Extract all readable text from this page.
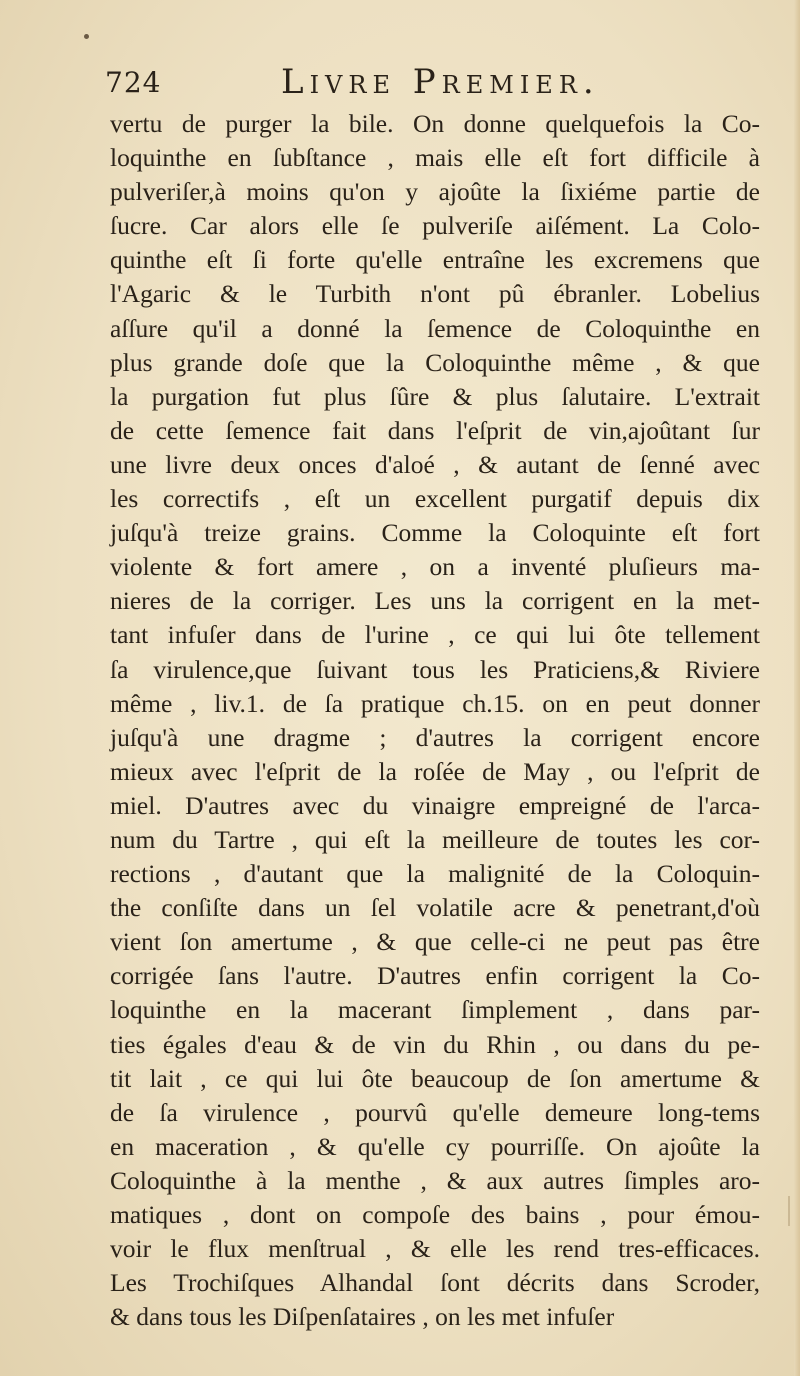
724	Livre Premier.
vertu de purger la bile. On donne quelquefois la Co-
loquinthe en ſubſtance , mais elle eſt fort difficile à
pulveriſer,à moins qu'on y ajoûte la ſixiéme partie de
ſucre. Car alors elle ſe pulveriſe aiſément. La Colo-
quinthe eſt ſi forte qu'elle entraîne les excremens que
l'Agaric & le Turbith n'ont pû ébranler. Lobelius
aſſure qu'il a donné la ſemence de Coloquinthe en
plus grande doſe que la Coloquinthe même , & que
la purgation fut plus ſûre & plus ſalutaire. L'extrait
de cette ſemence fait dans l'eſprit de vin,ajoûtant ſur
une livre deux onces d'aloé , & autant de ſenné avec
les correctifs , eſt un excellent purgatif depuis dix
juſqu'à treize grains. Comme la Coloquinte eſt fort
violente & fort amere , on a inventé pluſieurs ma-
nieres de la corriger. Les uns la corrigent en la met-
tant infuſer dans de l'urine , ce qui lui ôte tellement
ſa virulence,que ſuivant tous les Praticiens,& Riviere
même , liv.1. de ſa pratique ch.15. on en peut donner
juſqu'à une dragme ; d'autres la corrigent encore
mieux avec l'eſprit de la roſée de May , ou l'eſprit de
miel. D'autres avec du vinaigre empreigné de l'arca-
num du Tartre , qui eſt la meilleure de toutes les cor-
rections , d'autant que la malignité de la Coloquin-
the conſiſte dans un ſel volatile acre & penetrant,d'où
vient ſon amertume , & que celle-ci ne peut pas être
corrigée ſans l'autre. D'autres enfin corrigent la Co-
loquinthe en la macerant ſimplement , dans par-
ties égales d'eau & de vin du Rhin , ou dans du pe-
tit lait , ce qui lui ôte beaucoup de ſon amertume &
de ſa virulence , pourvû qu'elle demeure long-tems
en maceration , & qu'elle cy pourriſſe. On ajoûte la
Coloquinthe à la menthe , & aux autres ſimples aro-
matiques , dont on compoſe des bains , pour émou-
voir le flux menſtrual , & elle les rend tres-efficaces.
Les Trochiſques Alhandal ſont décrits dans Scroder,
& dans tous les Diſpenſataires , on les met infuſer
